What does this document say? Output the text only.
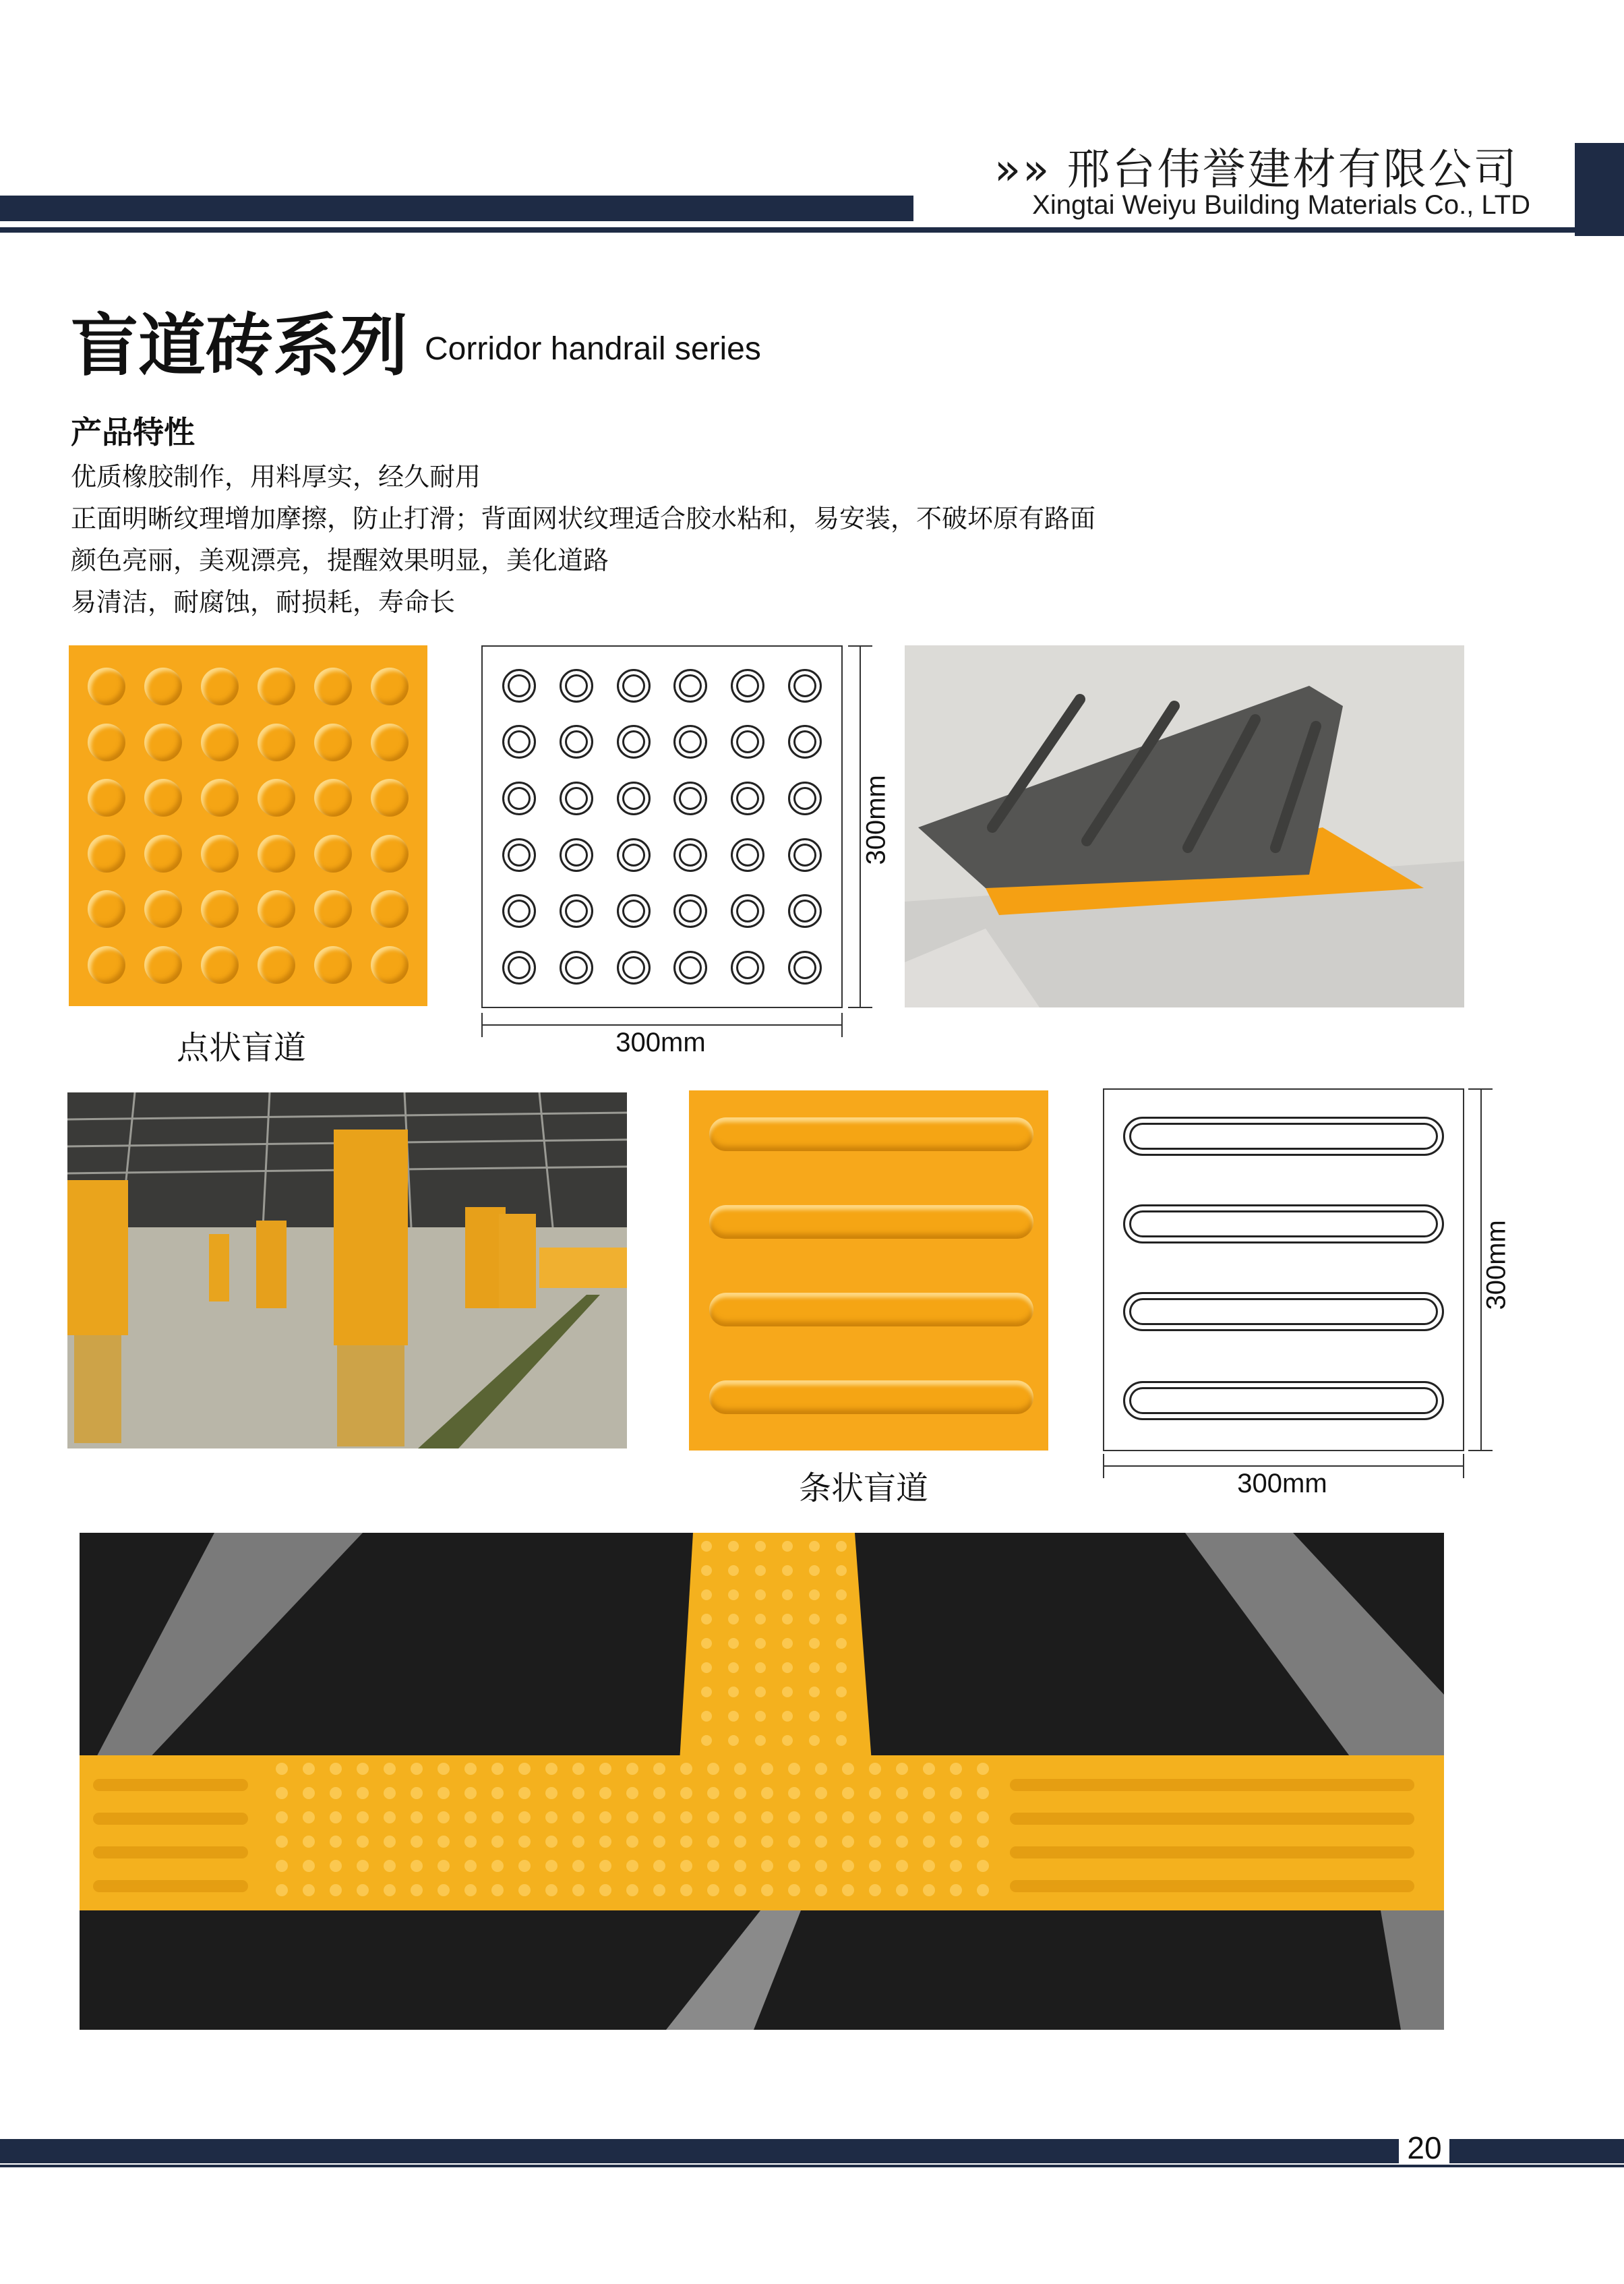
»» 邢台伟誉建材有限公司
Xingtai Weiyu Building Materials Co., LTD
盲道砖系列 Corridor handrail series
产品特性
优质橡胶制作，用料厚实，经久耐用
正面明晰纹理增加摩擦，防止打滑；背面网状纹理适合胶水粘和，易安装，不破坏原有路面
颜色亮丽，美观漂亮，提醒效果明显，美化道路
易清洁，耐腐蚀，耐损耗，寿命长
点状盲道
300mm
300mm
条状盲道
300mm
300mm
20
